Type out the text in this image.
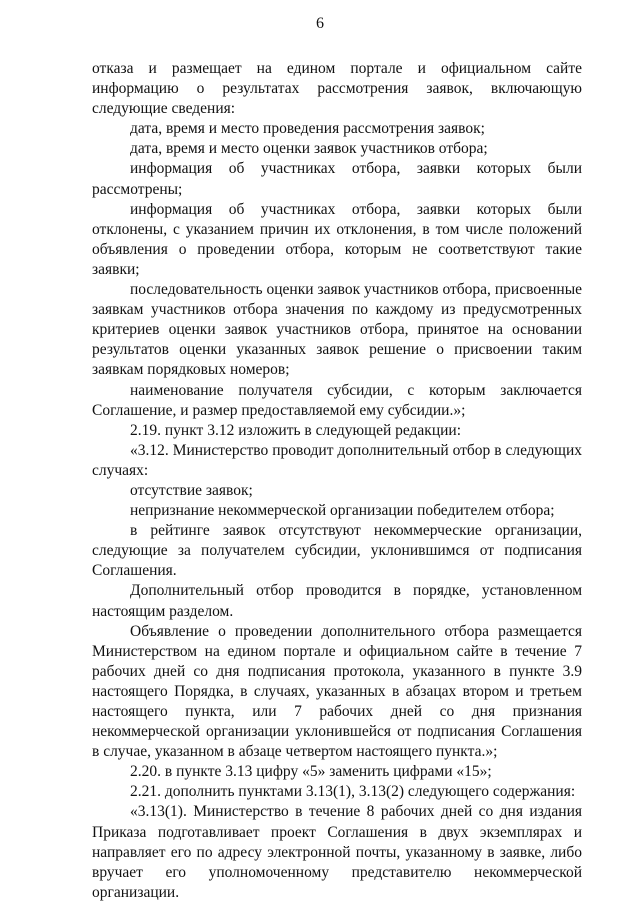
6

отказа и размещает на едином портале и официальном сайте информацию о результатах рассмотрения заявок, включающую следующие сведения:

дата, время и место проведения рассмотрения заявок;

дата, время и место оценки заявок участников отбора;

информация об участниках отбора, заявки которых были рассмотрены;

информация об участниках отбора, заявки которых были отклонены, с указанием причин их отклонения, в том числе положений объявления о проведении отбора, которым не соответствуют такие заявки;

последовательность оценки заявок участников отбора, присвоенные заявкам участников отбора значения по каждому из предусмотренных критериев оценки заявок участников отбора, принятое на основании результатов оценки указанных заявок решение о присвоении таким заявкам порядковых номеров;

наименование получателя субсидии, с которым заключается Соглашение, и размер предоставляемой ему субсидии.»;

2.19. пункт 3.12 изложить в следующей редакции:

«3.12. Министерство проводит дополнительный отбор в следующих случаях:

отсутствие заявок;

непризнание некоммерческой организации победителем отбора;

в рейтинге заявок отсутствуют некоммерческие организации, следующие за получателем субсидии, уклонившимся от подписания Соглашения.

Дополнительный отбор проводится в порядке, установленном настоящим разделом.

Объявление о проведении дополнительного отбора размещается Министерством на едином портале и официальном сайте в течение 7 рабочих дней со дня подписания протокола, указанного в пункте 3.9 настоящего Порядка, в случаях, указанных в абзацах втором и третьем настоящего пункта, или 7 рабочих дней со дня признания некоммерческой организации уклонившейся от подписания Соглашения в случае, указанном в абзаце четвертом настоящего пункта.»;

2.20. в пункте 3.13 цифру «5» заменить цифрами «15»;

2.21. дополнить пунктами 3.13(1), 3.13(2) следующего содержания:

«3.13(1). Министерство в течение 8 рабочих дней со дня издания Приказа подготавливает проект Соглашения в двух экземплярах и направляет его по адресу электронной почты, указанному в заявке, либо вручает его уполномоченному представителю некоммерческой организации.
